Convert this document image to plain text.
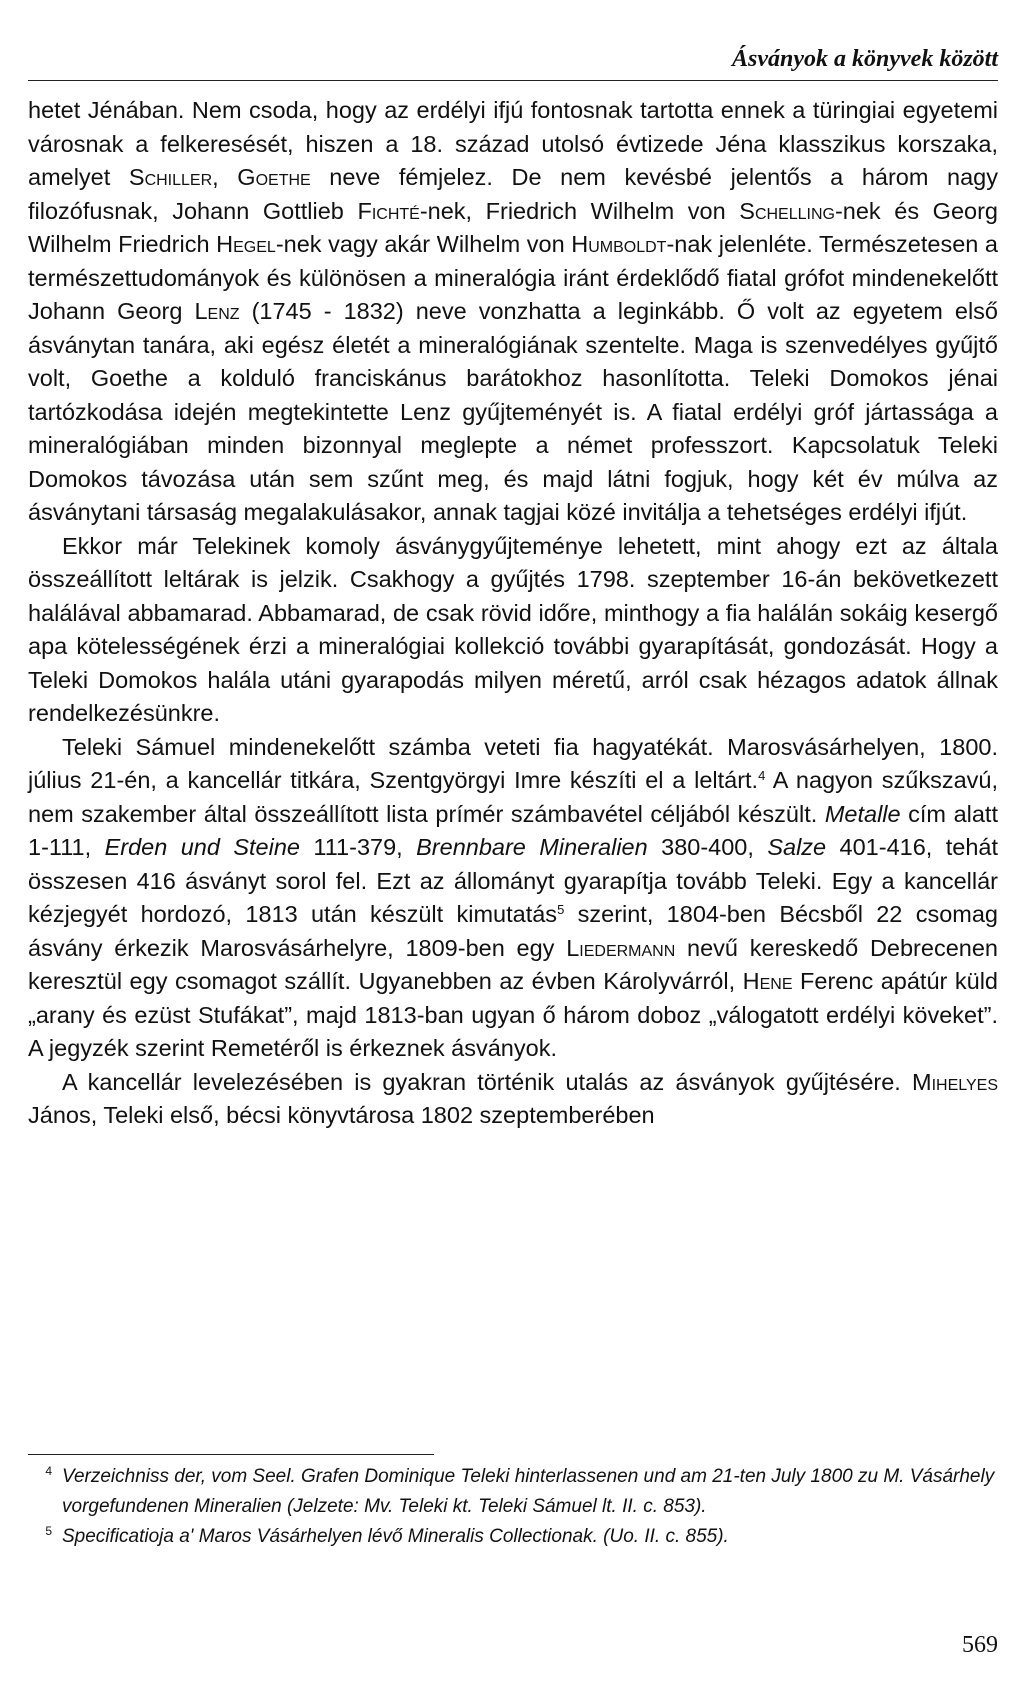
Ásványok a könyvek között

hetet Jénában. Nem csoda, hogy az erdélyi ifjú fontosnak tartotta ennek a türingiai egyetemi városnak a felkeresését, hiszen a 18. század utolsó évtizede Jéna klasszikus korszaka, amelyet Schiller, Goethe neve fémjelez. De nem kevésbé jelentős a három nagy filozófusnak, Johann Gottlieb Fichté-nek, Friedrich Wilhelm von Schelling-nek és Georg Wilhelm Friedrich Hegel-nek vagy akár Wilhelm von Humboldt-nak jelenléte. Természetesen a természettudományok és különösen a mineralógia iránt érdeklődő fiatal grófot mindenekelőtt Johann Georg Lenz (1745 - 1832) neve vonzhatta a leginkább. Ő volt az egyetem első ásványtan tanára, aki egész életét a mineralógiának szentelte. Maga is szenvedélyes gyűjtő volt, Goethe a kolduló franciskánus barátokhoz hasonlította. Teleki Domokos jénai tartózkodása idején megtekintette Lenz gyűjteményét is. A fiatal erdélyi gróf jártassága a mineralógiában minden bizonnyal meglepte a német professzort. Kapcsolatuk Teleki Domokos távozása után sem szűnt meg, és majd látni fogjuk, hogy két év múlva az ásványtani társaság megalakulásakor, annak tagjai közé invitálja a tehetséges erdélyi ifjút.

Ekkor már Telekinek komoly ásványgyűjteménye lehetett, mint ahogy ezt az általa összeállított leltárak is jelzik. Csakhogy a gyűjtés 1798. szeptember 16-án bekövetkezett halálával abbamarad. Abbamarad, de csak rövid időre, minthogy a fia halálán sokáig kesergő apa kötelességének érzi a mineralógiai kollekció további gyarapítását, gondozását. Hogy a Teleki Domokos halála utáni gyarapodás milyen méretű, arról csak hézagos adatok állnak rendelkezésünkre.

Teleki Sámuel mindenekelőtt számba veteti fia hagyatékát. Marosvásárhelyen, 1800. július 21-én, a kancellár titkára, Szentgyörgyi Imre készíti el a leltárt.$^4$ A nagyon szűkszavú, nem szakember által összeállított lista prímér számbavétel céljából készült. Metalle cím alatt 1-111, Erden und Steine 111-379, Brennbare Mineralien 380-400, Salze 401-416, tehát összesen 416 ásványt sorol fel. Ezt az állományt gyarapítja tovább Teleki. Egy a kancellár kézjegyét hordozó, 1813 után készült kimutatás$^5$ szerint, 1804-ben Bécsből 22 csomag ásvány érkezik Marosvásárhelyre, 1809-ben egy Liedermann nevű kereskedő Debrecenen keresztül egy csomagot szállít. Ugyanebben az évben Károlyvárról, Hene Ferenc apátúr küld „arany és ezüst Stufákat”, majd 1813-ban ugyan ő három doboz „válogatott erdélyi köveket”. A jegyzék szerint Remetéről is érkeznek ásványok.

A kancellár levelezésében is gyakran történik utalás az ásványok gyűjtésére. Mihelyes János, Teleki első, bécsi könyvtárosa 1802 szeptemberében

$^4$ Verzeichniss der, vom Seel. Grafen Dominique Teleki hinterlassenen und am 21-ten July 1800 zu M. Vásárhely vorgefundenen Mineralien (Jelzete: Mv. Teleki kt. Teleki Sámuel lt. II. c. 853).

$^5$ Specificatioja a' Maros Vásárhelyen lévő Mineralis Collectionak. (Uo. II. c. 855).

569
